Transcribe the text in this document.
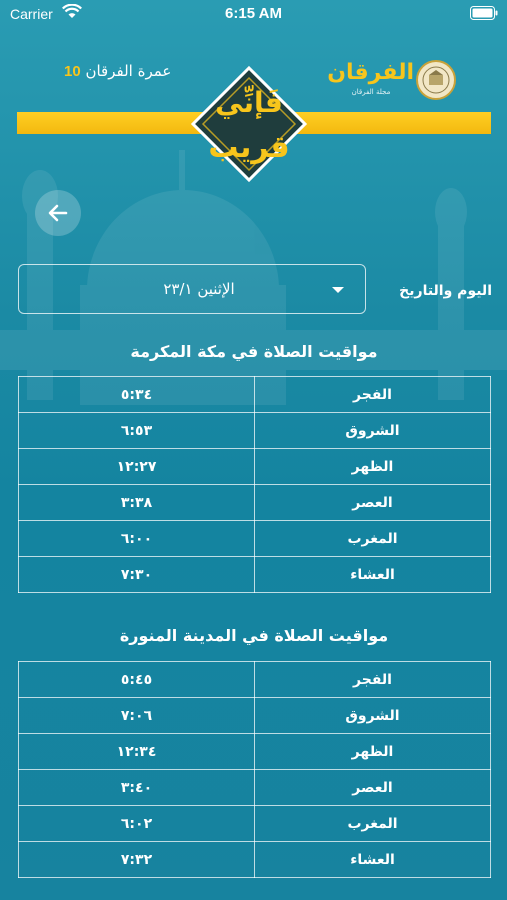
Carrier	6:15 AM
عمرة الفرقان 10	الفرقان
مجلة الفرقان
فَإنِّي
قريب
اليوم والتاريخ
الإثنين ٢٣/١
مواقيت الصلاة في مكة المكرمة
٥:٣٤	الفجر
٦:٥٣	الشروق
١٢:٢٧	الظهر
٣:٣٨	العصر
٦:٠٠	المغرب
٧:٣٠	العشاء
مواقيت الصلاة في المدينة المنورة
٥:٤٥	الفجر
٧:٠٦	الشروق
١٢:٣٤	الظهر
٣:٤٠	العصر
٦:٠٢	المغرب
٧:٣٢	العشاء
